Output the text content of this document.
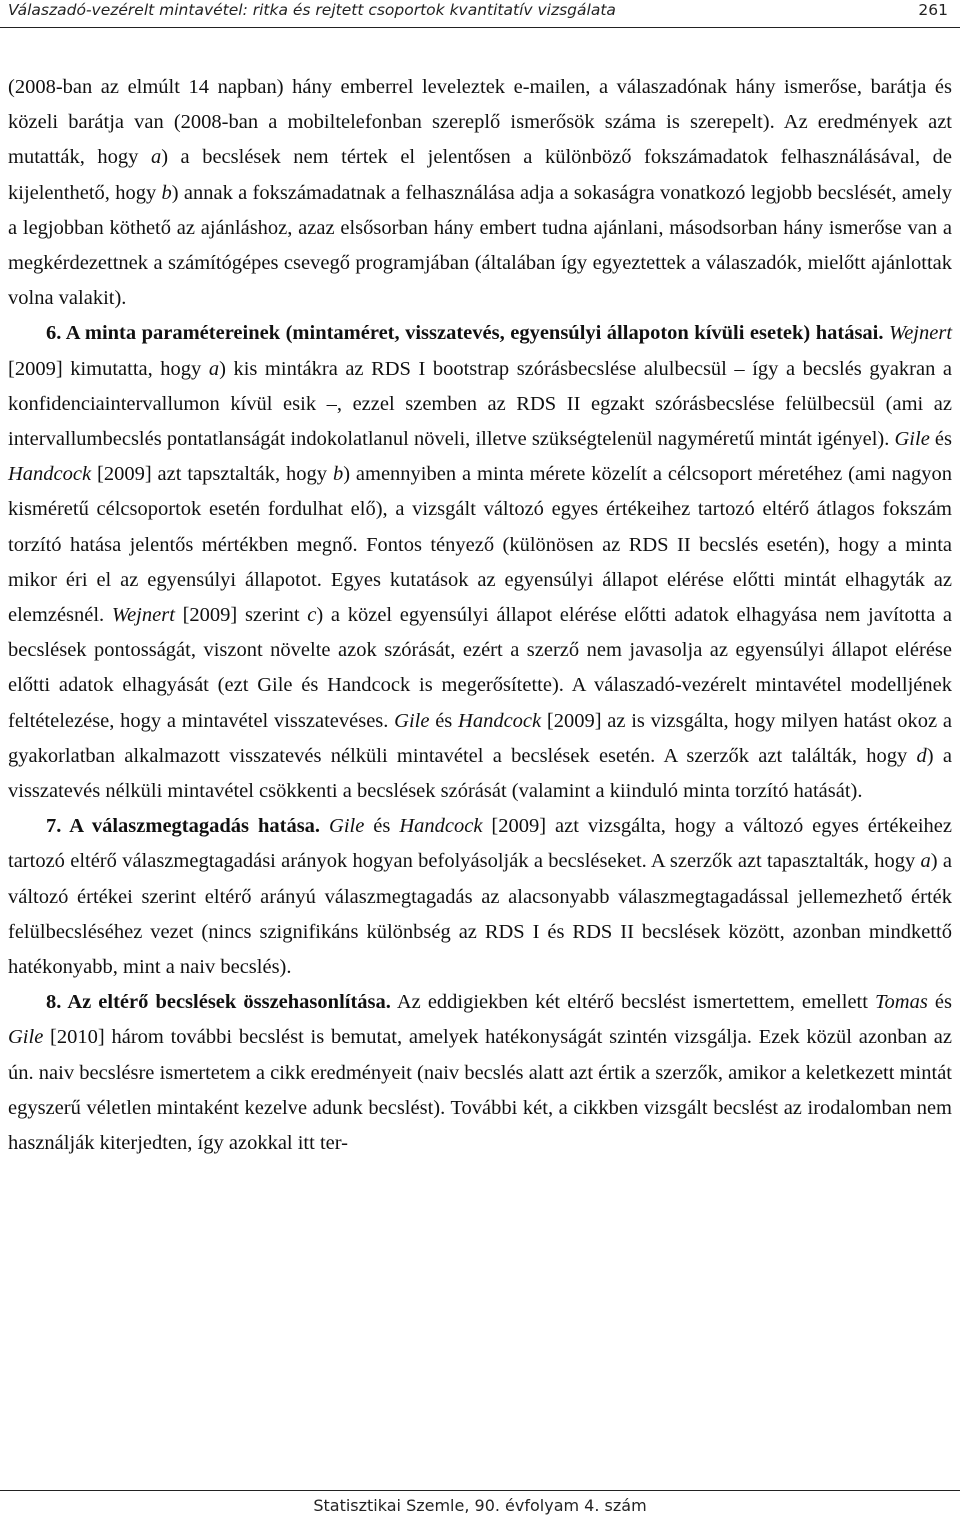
Válaszadó-vezérelt mintavétel: ritka és rejtett csoportok kvantitatív vizsgálata	261

(2008-ban az elmúlt 14 napban) hány emberrel leveleztek e-mailen, a válaszadónak hány ismerőse, barátja és közeli barátja van (2008-ban a mobiltelefonban szereplő ismerősök száma is szerepelt). Az eredmények azt mutatták, hogy a) a becslések nem tértek el jelentősen a különböző fokszámadatok felhasználásával, de kijelenthető, hogy b) annak a fokszámadatnak a felhasználása adja a sokaságra vonatkozó legjobb becslését, amely a legjobban köthető az ajánláshoz, azaz elsősorban hány embert tudna ajánlani, másodsorban hány ismerőse van a megkérdezettnek a számítógépes csevegő programjában (általában így egyeztettek a válaszadók, mielőtt ajánlottak volna valakit).

6. A minta paramétereinek (mintaméret, visszatevés, egyensúlyi állapoton kívüli esetek) hatásai. Wejnert [2009] kimutatta, hogy a) kis mintákra az RDS I bootstrap szórásbecslése alulbecsül – így a becslés gyakran a konfidenciaintervallumon kívül esik –, ezzel szemben az RDS II egzakt szórásbecslése felülbecsül (ami az intervallumbecslés pontatlanságát indokolatlanul növeli, illetve szükségtelenül nagyméretű mintát igényel). Gile és Handcock [2009] azt tapsztalták, hogy b) amennyiben a minta mérete közelít a célcsoport méretéhez (ami nagyon kisméretű célcsoportok esetén fordulhat elő), a vizsgált változó egyes értékeihez tartozó eltérő átlagos fokszám torzító hatása jelentős mértékben megnő. Fontos tényező (különösen az RDS II becslés esetén), hogy a minta mikor éri el az egyensúlyi állapotot. Egyes kutatások az egyensúlyi állapot elérése előtti mintát elhagyták az elemzésnél. Wejnert [2009] szerint c) a közel egyensúlyi állapot elérése előtti adatok elhagyása nem javította a becslések pontosságát, viszont növelte azok szórását, ezért a szerző nem javasolja az egyensúlyi állapot elérése előtti adatok elhagyását (ezt Gile és Handcock is megerősítette). A válaszadó-vezérelt mintavétel modelljének feltételezése, hogy a mintavétel visszatevéses. Gile és Handcock [2009] az is vizsgálta, hogy milyen hatást okoz a gyakorlatban alkalmazott visszatevés nélküli mintavétel a becslések esetén. A szerzők azt találták, hogy d) a visszatevés nélküli mintavétel csökkenti a becslések szórását (valamint a kiinduló minta torzító hatását).

7. A válaszmegtagadás hatása. Gile és Handcock [2009] azt vizsgálta, hogy a változó egyes értékeihez tartozó eltérő válaszmegtagadási arányok hogyan befolyásolják a becsléseket. A szerzők azt tapasztalták, hogy a) a változó értékei szerint eltérő arányú válaszmegtagadás az alacsonyabb válaszmegtagadással jellemezhető érték felülbecsléséhez vezet (nincs szignifikáns különbség az RDS I és RDS II becslések között, azonban mindkettő hatékonyabb, mint a naiv becslés).

8. Az eltérő becslések összehasonlítása. Az eddigiekben két eltérő becslést ismertettem, emellett Tomas és Gile [2010] három további becslést is bemutat, amelyek hatékonyságát szintén vizsgálja. Ezek közül azonban az ún. naiv becslésre ismertetem a cikk eredményeit (naiv becslés alatt azt értik a szerzők, amikor a keletkezett mintát egyszerű véletlen mintaként kezelve adunk becslést). További két, a cikkben vizsgált becslést az irodalomban nem használják kiterjedten, így azokkal itt ter-

Statisztikai Szemle, 90. évfolyam 4. szám
